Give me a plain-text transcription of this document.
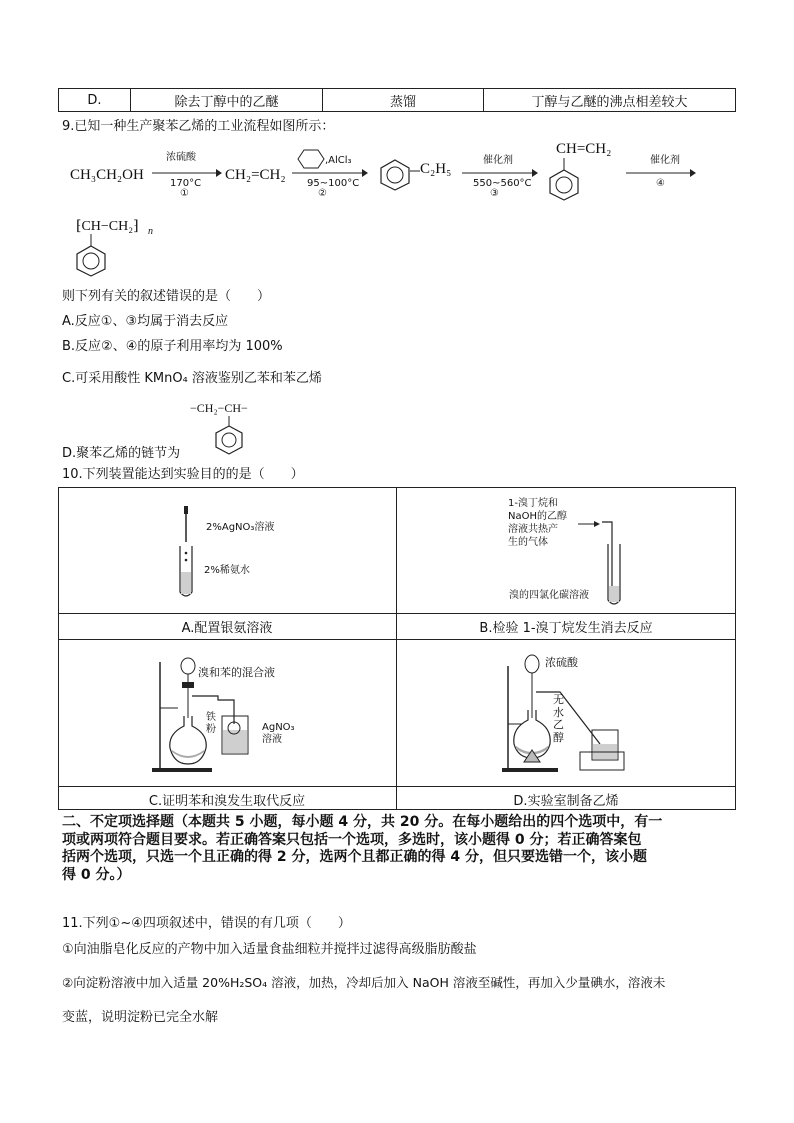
D.	除去丁醇中的乙醚	蒸馏	丁醇与乙醚的沸点相差较大
9.已知一种生产聚苯乙烯的工业流程如图所示：
CH₃CH₂OH
浓硫酸
170°C
①
CH₂=CH₂
,AlCl₃
95~100°C
②
C₂H₅
催化剂
550~560°C
③
CH=CH₂
催化剂
④
⁅CH−CH₂⁆ n
则下列有关的叙述错误的是（　　）
A.反应①、③均属于消去反应
B.反应②、④的原子利用率均为 100%
C.可采用酸性 KMnO₄ 溶液鉴别乙苯和苯乙烯
−CH₂−CH−
D.聚苯乙烯的链节为
10.下列装置能达到实验目的的是（　　）
2%AgNO₃溶液
2%稀氨水
A.配置银氨溶液
1-溴丁烷和
NaOH的乙醇
溶液共热产
生的气体
溴的四氯化碳溶液
B.检验 1-溴丁烷发生消去反应
溴和苯的混合液
铁
粉	AgNO₃
溶液
C.证明苯和溴发生取代反应
浓硫酸
无
水
乙
醇
D.实验室制备乙烯
二、不定项选择题（本题共 5 小题，每小题 4 分，共 20 分。在每小题给出的四个选项中，有一
项或两项符合题目要求。若正确答案只包括一个选项，多选时，该小题得 0 分；若正确答案包
括两个选项，只选一个且正确的得 2 分，选两个且都正确的得 4 分，但只要选错一个，该小题
得 0 分。）
11.下列①~④四项叙述中，错误的有几项（　　）
①向油脂皂化反应的产物中加入适量食盐细粒并搅拌过滤得高级脂肪酸盐
②向淀粉溶液中加入适量 20%H₂SO₄ 溶液，加热，冷却后加入 NaOH 溶液至碱性，再加入少量碘水，溶液未
变蓝，说明淀粉已完全水解
